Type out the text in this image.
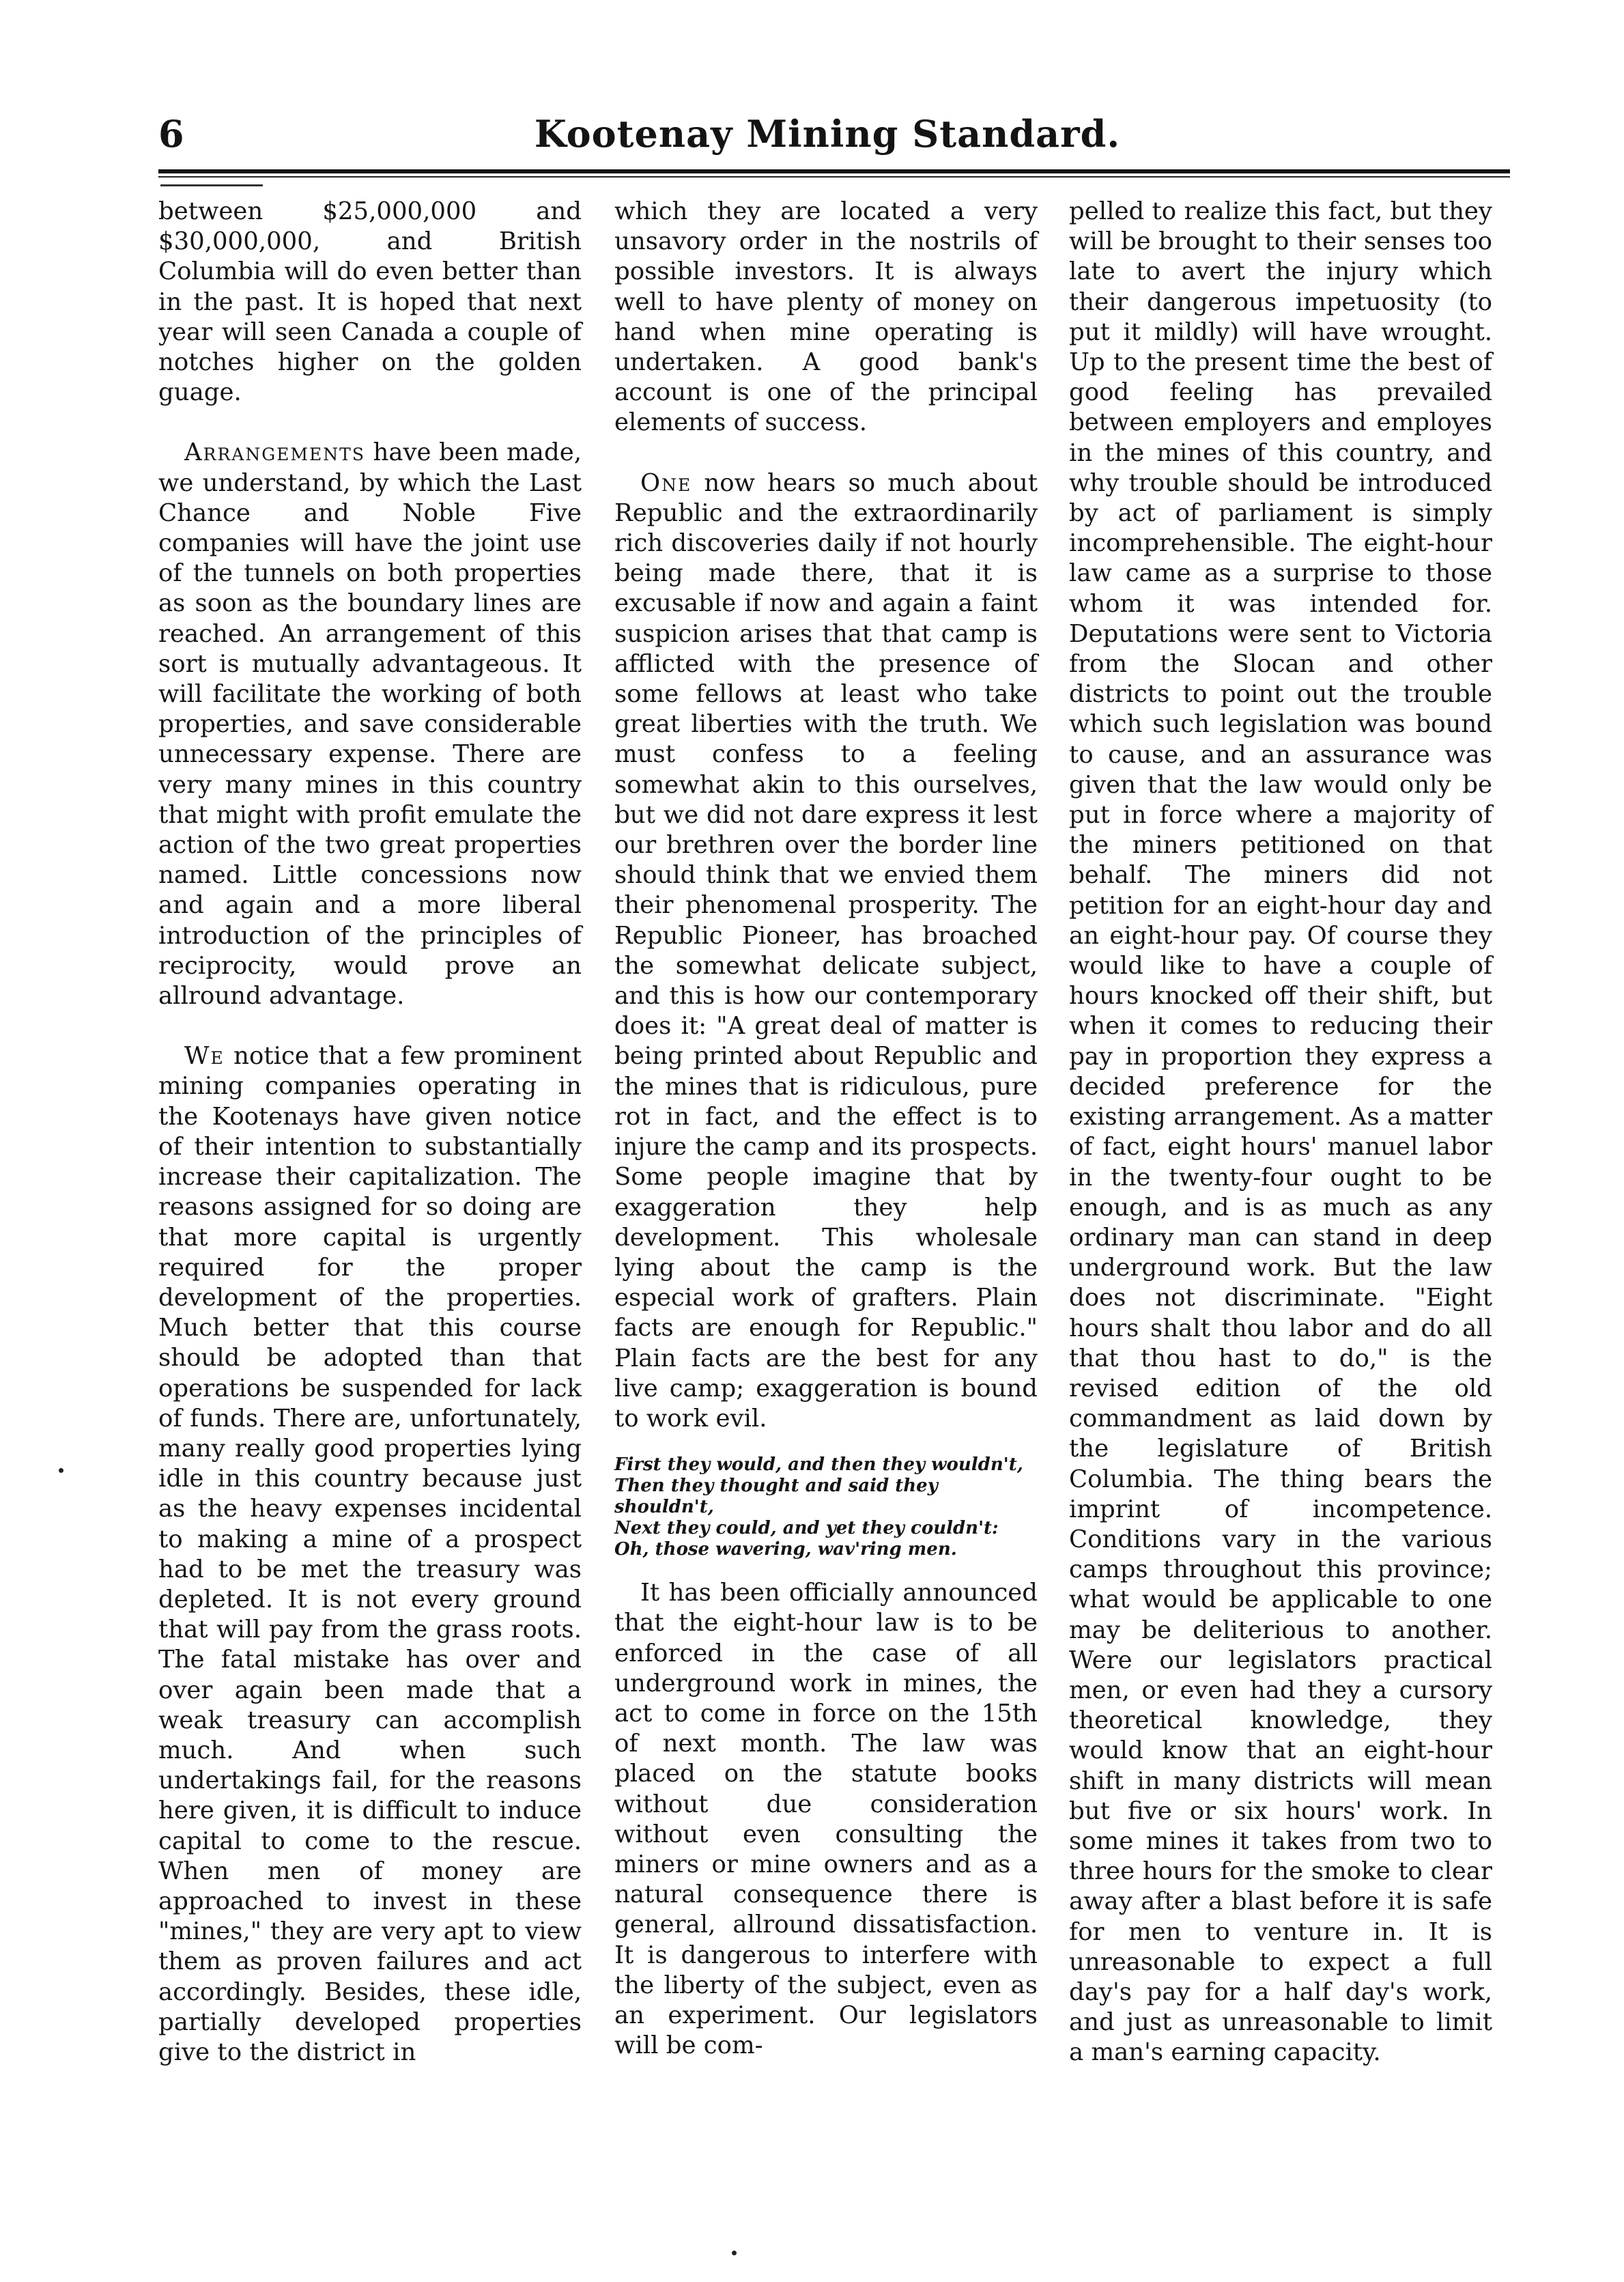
6	Kootenay Mining Standard.

between $25,000,000 and $30,000,000, and British Columbia will do even better than in the past. It is hoped that next year will seen Canada a couple of notches higher on the golden guage.

Arrangements have been made, we understand, by which the Last Chance and Noble Five companies will have the joint use of the tunnels on both properties as soon as the boundary lines are reached. An arrangement of this sort is mutually advantageous. It will facilitate the working of both properties, and save considerable unnecessary expense. There are very many mines in this country that might with profit emulate the action of the two great properties named. Little concessions now and again and a more liberal introduction of the principles of reciprocity, would prove an allround advantage.

We notice that a few prominent mining companies operating in the Kootenays have given notice of their intention to substantially increase their capitalization. The reasons assigned for so doing are that more capital is urgently required for the proper development of the properties. Much better that this course should be adopted than that operations be suspended for lack of funds. There are, unfortunately, many really good properties lying idle in this country because just as the heavy expenses incidental to making a mine of a prospect had to be met the treasury was depleted. It is not every ground that will pay from the grass roots. The fatal mistake has over and over again been made that a weak treasury can accomplish much. And when such undertakings fail, for the reasons here given, it is difficult to induce capital to come to the rescue. When men of money are approached to invest in these "mines," they are very apt to view them as proven failures and act accordingly. Besides, these idle, partially developed properties give to the district in

which they are located a very unsavory order in the nostrils of possible investors. It is always well to have plenty of money on hand when mine operating is undertaken. A good bank's account is one of the principal elements of success.

One now hears so much about Republic and the extraordinarily rich discoveries daily if not hourly being made there, that it is excusable if now and again a faint suspicion arises that that camp is afflicted with the presence of some fellows at least who take great liberties with the truth. We must confess to a feeling somewhat akin to this ourselves, but we did not dare express it lest our brethren over the border line should think that we envied them their phenomenal prosperity. The Republic Pioneer, has broached the somewhat delicate subject, and this is how our contemporary does it: "A great deal of matter is being printed about Republic and the mines that is ridiculous, pure rot in fact, and the effect is to injure the camp and its prospects. Some people imagine that by exaggeration they help development. This wholesale lying about the camp is the especial work of grafters. Plain facts are enough for Republic." Plain facts are the best for any live camp; exaggeration is bound to work evil.

First they would, and then they wouldn't,
Then they thought and said they shouldn't,
Next they could, and yet they couldn't:
Oh, those wavering, wav'ring men.

It has been officially announced that the eight-hour law is to be enforced in the case of all underground work in mines, the act to come in force on the 15th of next month. The law was placed on the statute books without due consideration without even consulting the miners or mine owners and as a natural consequence there is general, allround dissatisfaction. It is dangerous to interfere with the liberty of the subject, even as an experiment. Our legislators will be com-

pelled to realize this fact, but they will be brought to their senses too late to avert the injury which their dangerous impetuosity (to put it mildly) will have wrought. Up to the present time the best of good feeling has prevailed between employers and employes in the mines of this country, and why trouble should be introduced by act of parliament is simply incomprehensible. The eight-hour law came as a surprise to those whom it was intended for. Deputations were sent to Victoria from the Slocan and other districts to point out the trouble which such legislation was bound to cause, and an assurance was given that the law would only be put in force where a majority of the miners petitioned on that behalf. The miners did not petition for an eight-hour day and an eight-hour pay. Of course they would like to have a couple of hours knocked off their shift, but when it comes to reducing their pay in proportion they express a decided preference for the existing arrangement. As a matter of fact, eight hours' manuel labor in the twenty-four ought to be enough, and is as much as any ordinary man can stand in deep underground work. But the law does not discriminate. "Eight hours shalt thou labor and do all that thou hast to do," is the revised edition of the old commandment as laid down by the legislature of British Columbia. The thing bears the imprint of incompetence. Conditions vary in the various camps throughout this province; what would be applicable to one may be deliterious to another. Were our legislators practical men, or even had they a cursory theoretical knowledge, they would know that an eight-hour shift in many districts will mean but five or six hours' work. In some mines it takes from two to three hours for the smoke to clear away after a blast before it is safe for men to venture in. It is unreasonable to expect a full day's pay for a half day's work, and just as unreasonable to limit a man's earning capacity.
